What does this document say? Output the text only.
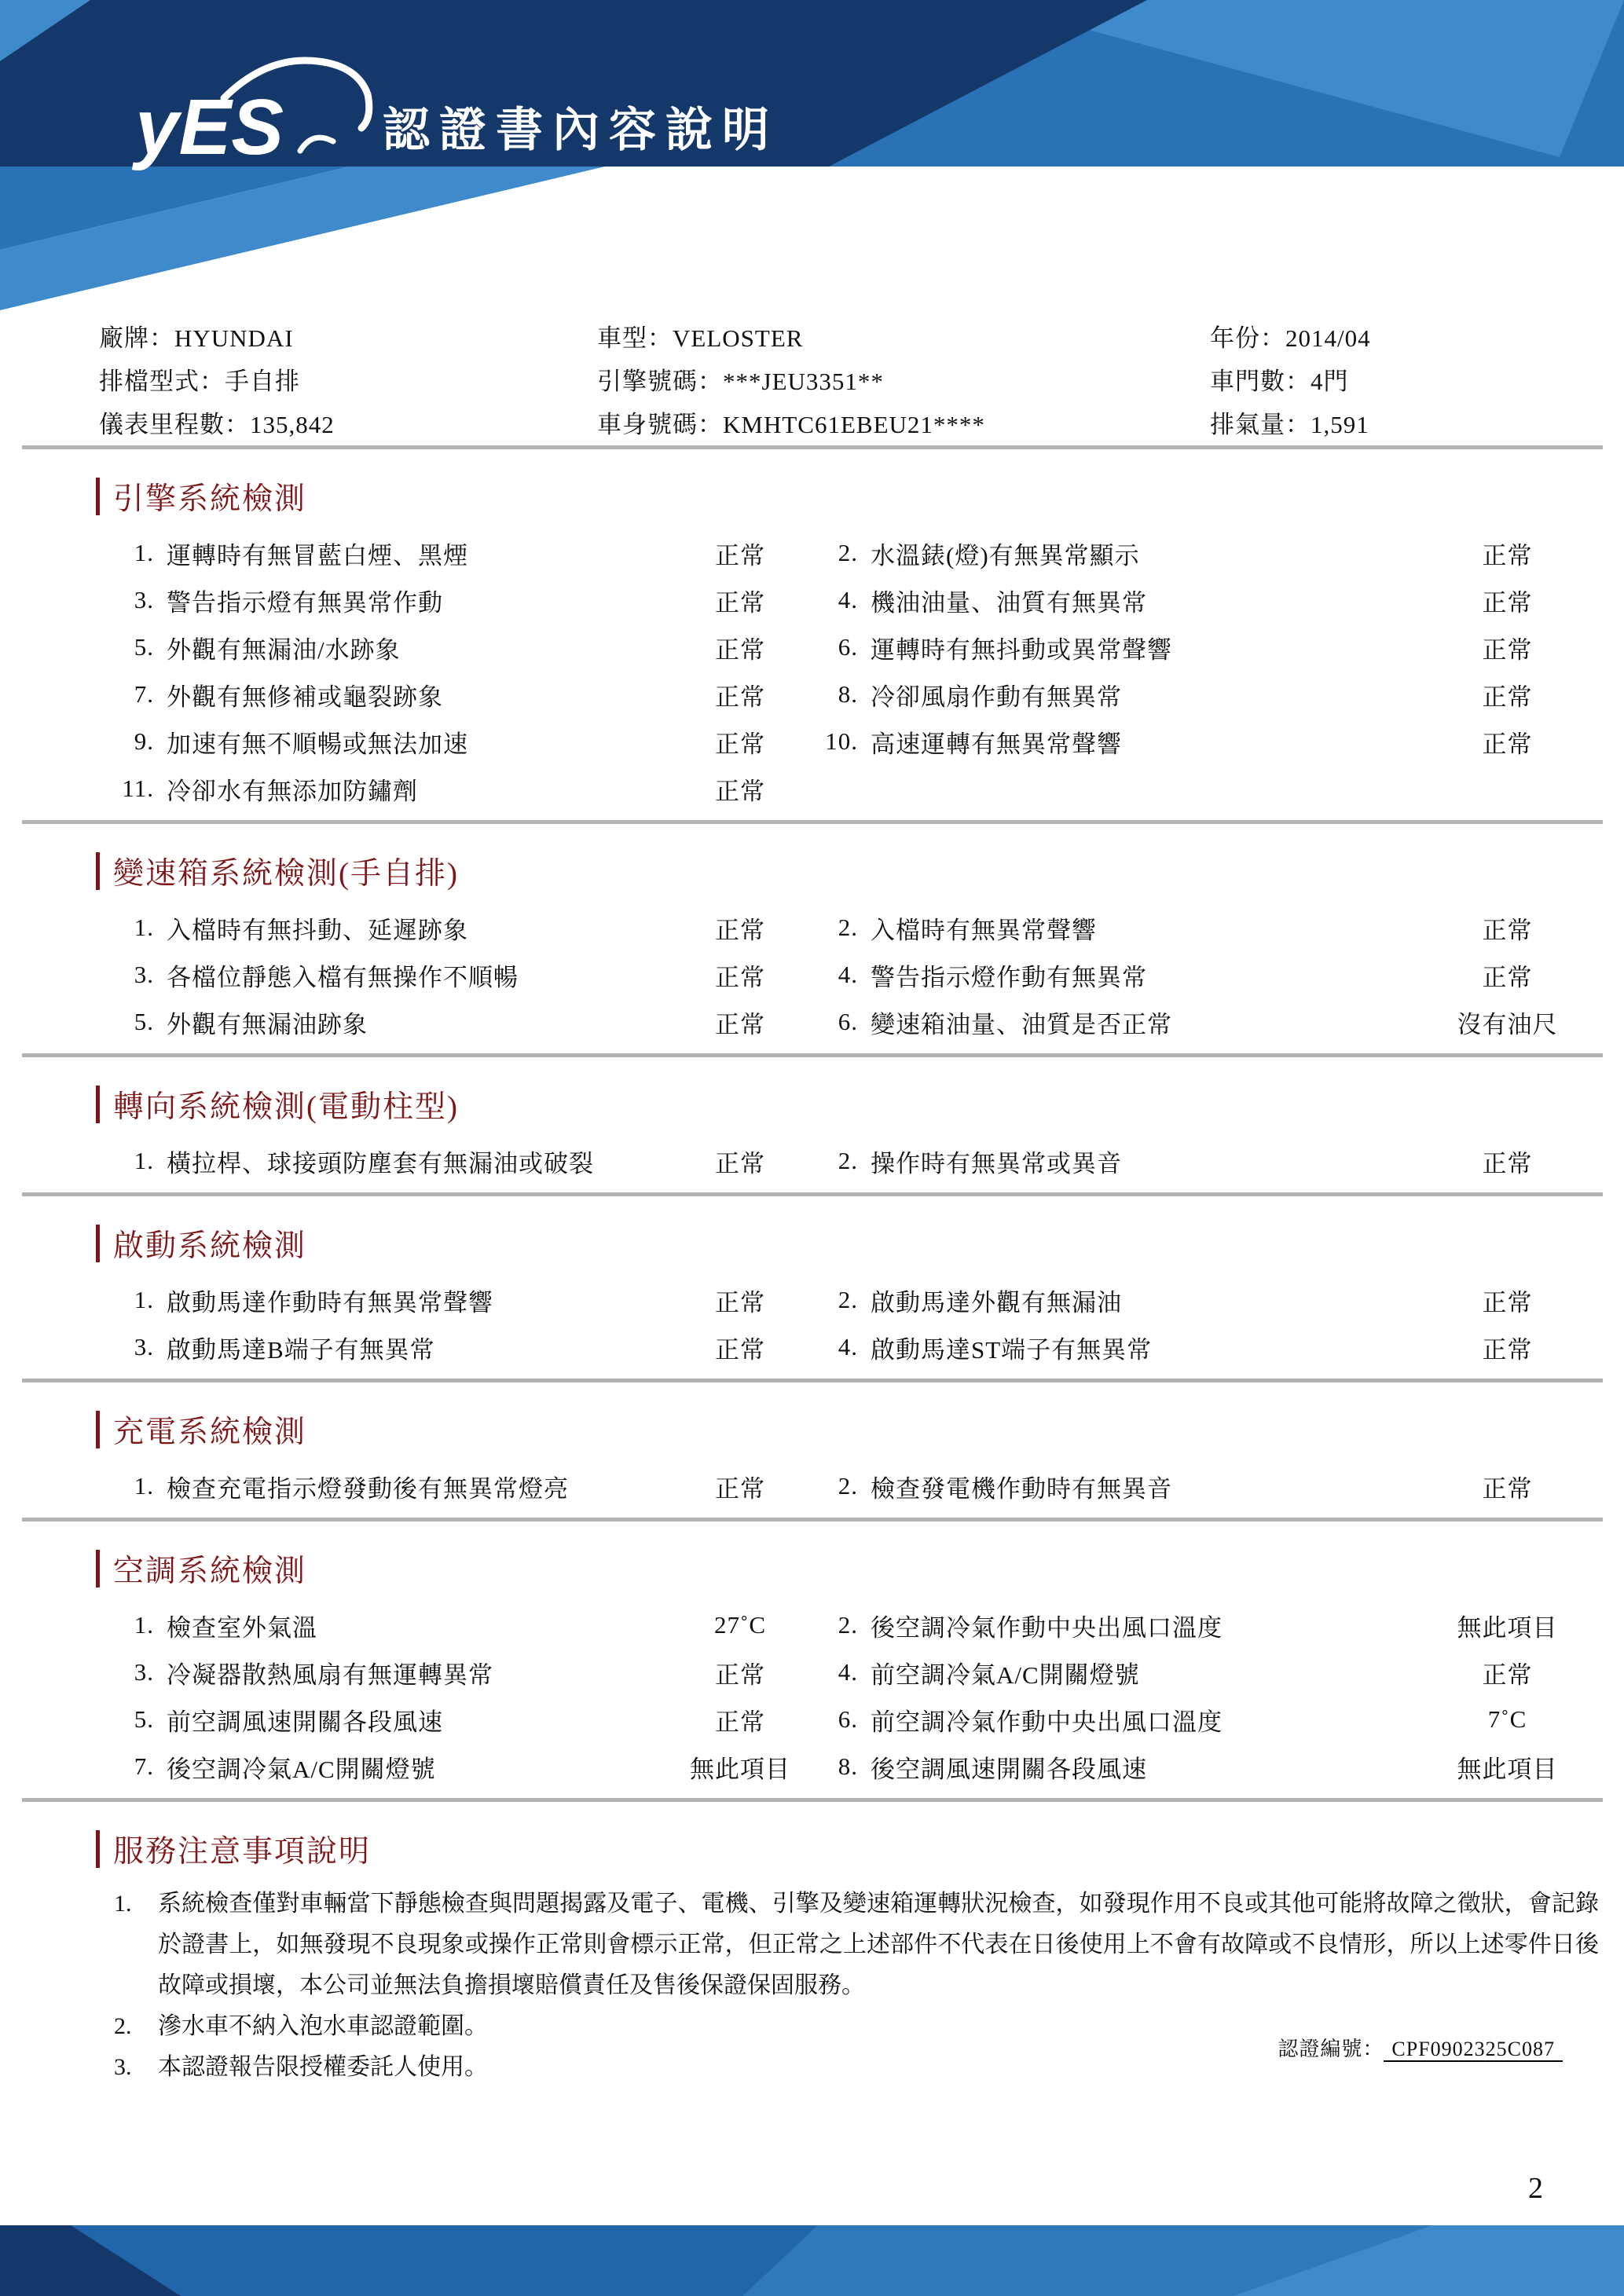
yES 認證書內容說明
廠牌：HYUNDAI	車型：VELOSTER	年份：2014/04
排檔型式：手自排	引擎號碼：***JEU3351**	車門數：4門
儀表里程數：135,842	車身號碼：KMHTC61EBEU21****	排氣量：1,591
引擎系統檢測
1. 運轉時有無冒藍白煙、黑煙	正常	2. 水溫錶(燈)有無異常顯示	正常
3. 警告指示燈有無異常作動	正常	4. 機油油量、油質有無異常	正常
5. 外觀有無漏油/水跡象	正常	6. 運轉時有無抖動或異常聲響	正常
7. 外觀有無修補或龜裂跡象	正常	8. 冷卻風扇作動有無異常	正常
9. 加速有無不順暢或無法加速	正常	10. 高速運轉有無異常聲響	正常
11. 冷卻水有無添加防鏽劑	正常
變速箱系統檢測(手自排)
1. 入檔時有無抖動、延遲跡象	正常	2. 入檔時有無異常聲響	正常
3. 各檔位靜態入檔有無操作不順暢	正常	4. 警告指示燈作動有無異常	正常
5. 外觀有無漏油跡象	正常	6. 變速箱油量、油質是否正常	沒有油尺
轉向系統檢測(電動柱型)
1. 橫拉桿、球接頭防塵套有無漏油或破裂	正常	2. 操作時有無異常或異音	正常
啟動系統檢測
1. 啟動馬達作動時有無異常聲響	正常	2. 啟動馬達外觀有無漏油	正常
3. 啟動馬達B端子有無異常	正常	4. 啟動馬達ST端子有無異常	正常
充電系統檢測
1. 檢查充電指示燈發動後有無異常燈亮	正常	2. 檢查發電機作動時有無異音	正常
空調系統檢測
1. 檢查室外氣溫	27˚C	2. 後空調冷氣作動中央出風口溫度	無此項目
3. 冷凝器散熱風扇有無運轉異常	正常	4. 前空調冷氣A/C開關燈號	正常
5. 前空調風速開關各段風速	正常	6. 前空調冷氣作動中央出風口溫度	7˚C
7. 後空調冷氣A/C開關燈號	無此項目	8. 後空調風速開關各段風速	無此項目
服務注意事項說明
1.	系統檢查僅對車輛當下靜態檢查與問題揭露及電子、電機、引擎及變速箱運轉狀況檢查，如發現作用不良或其他可能將故障之徵狀，會記錄於證書上，如無發現不良現象或操作正常則會標示正常，但正常之上述部件不代表在日後使用上不會有故障或不良情形，所以上述零件日後故障或損壞，本公司並無法負擔損壞賠償責任及售後保證保固服務。
2.	滲水車不納入泡水車認證範圍。
3.	本認證報告限授權委託人使用。
認證編號： CPF0902325C087
2
